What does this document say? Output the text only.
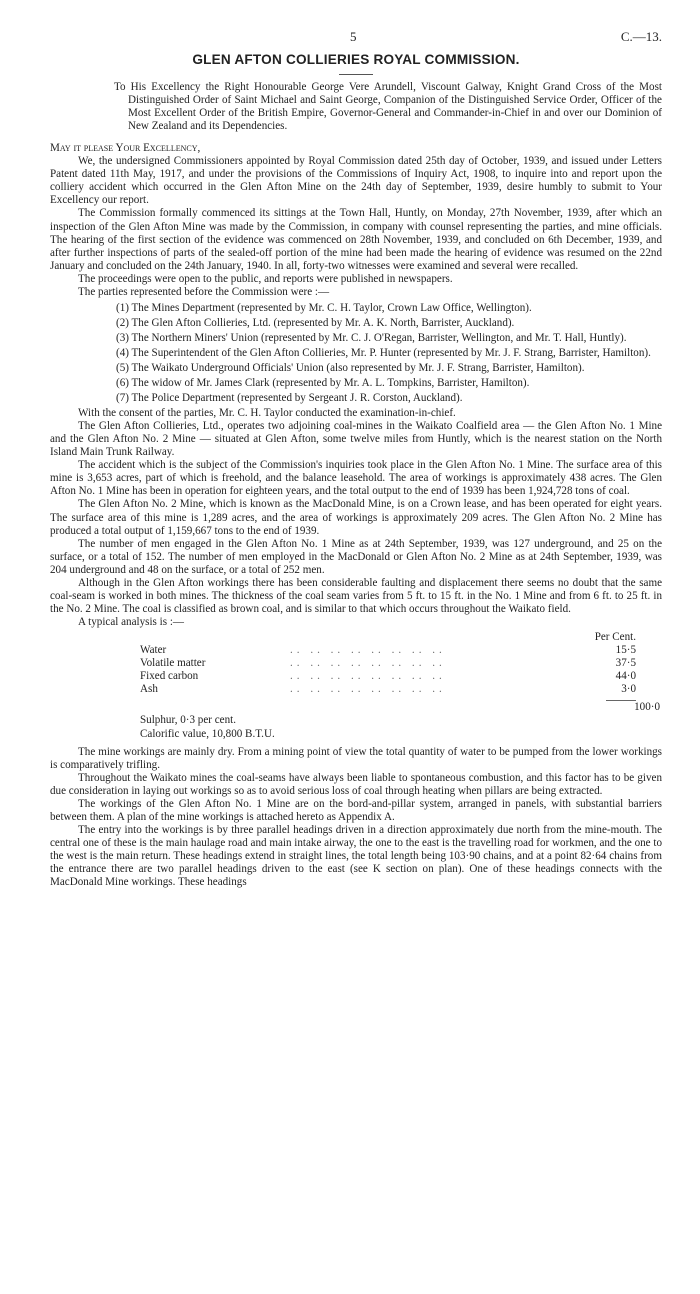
5	C.—13.
GLEN AFTON COLLIERIES ROYAL COMMISSION.

To His Excellency the Right Honourable George Vere Arundell, Viscount Galway, Knight Grand Cross of the Most Distinguished Order of Saint Michael and Saint George, Companion of the Distinguished Service Order, Officer of the Most Excellent Order of the British Empire, Governor-General and Commander-in-Chief in and over our Dominion of New Zealand and its Dependencies.

May it please Your Excellency,

We, the undersigned Commissioners appointed by Royal Commission dated 25th day of October, 1939, and issued under Letters Patent dated 11th May, 1917, and under the provisions of the Commissions of Inquiry Act, 1908, to inquire into and report upon the colliery accident which occurred in the Glen Afton Mine on the 24th day of September, 1939, desire humbly to submit to Your Excellency our report.

The Commission formally commenced its sittings at the Town Hall, Huntly, on Monday, 27th November, 1939, after which an inspection of the Glen Afton Mine was made by the Commission, in company with counsel representing the parties, and mine officials. The hearing of the first section of the evidence was commenced on 28th November, 1939, and concluded on 6th December, 1939, and after further inspections of parts of the sealed-off portion of the mine had been made the hearing of evidence was resumed on the 22nd January and concluded on the 24th January, 1940. In all, forty-two witnesses were examined and several were recalled.

The proceedings were open to the public, and reports were published in newspapers.

The parties represented before the Commission were :—

(1) The Mines Department (represented by Mr. C. H. Taylor, Crown Law Office, Wellington).
(2) The Glen Afton Collieries, Ltd. (represented by Mr. A. K. North, Barrister, Auckland).
(3) The Northern Miners' Union (represented by Mr. C. J. O'Regan, Barrister, Wellington, and Mr. T. Hall, Huntly).
(4) The Superintendent of the Glen Afton Collieries, Mr. P. Hunter (represented by Mr. J. F. Strang, Barrister, Hamilton).
(5) The Waikato Underground Officials' Union (also represented by Mr. J. F. Strang, Barrister, Hamilton).
(6) The widow of Mr. James Clark (represented by Mr. A. L. Tompkins, Barrister, Hamilton).
(7) The Police Department (represented by Sergeant J. R. Corston, Auckland).

With the consent of the parties, Mr. C. H. Taylor conducted the examination-in-chief.

The Glen Afton Collieries, Ltd., operates two adjoining coal-mines in the Waikato Coalfield area — the Glen Afton No. 1 Mine and the Glen Afton No. 2 Mine — situated at Glen Afton, some twelve miles from Huntly, which is the nearest station on the North Island Main Trunk Railway.

The accident which is the subject of the Commission's inquiries took place in the Glen Afton No. 1 Mine. The surface area of this mine is 3,653 acres, part of which is freehold, and the balance leasehold. The area of workings is approximately 438 acres. The Glen Afton No. 1 Mine has been in operation for eighteen years, and the total output to the end of 1939 has been 1,924,728 tons of coal.

The Glen Afton No. 2 Mine, which is known as the MacDonald Mine, is on a Crown lease, and has been operated for eight years. The surface area of this mine is 1,289 acres, and the area of workings is approximately 209 acres. The Glen Afton No. 2 Mine has produced a total output of 1,159,667 tons to the end of 1939.

The number of men engaged in the Glen Afton No. 1 Mine as at 24th September, 1939, was 127 underground, and 25 on the surface, or a total of 152. The number of men employed in the MacDonald or Glen Afton No. 2 Mine as at 24th September, 1939, was 204 underground and 48 on the surface, or a total of 252 men.

Although in the Glen Afton workings there has been considerable faulting and displacement there seems no doubt that the same coal-seam is worked in both mines. The thickness of the coal seam varies from 5 ft. to 15 ft. in the No. 1 Mine and from 6 ft. to 25 ft. in the No. 2 Mine. The coal is classified as brown coal, and is similar to that which occurs throughout the Waikato field.

A typical analysis is :—

		Per Cent.
Water	.. .. .. .. .. .. .. ..	15·5
Volatile matter	.. .. .. .. .. .. .. ..	37·5
Fixed carbon	.. .. .. .. .. .. .. ..	44·0
Ash	.. .. .. .. .. .. .. ..	3·0

		100·0

Sulphur, 0·3 per cent.

Calorific value, 10,800 B.T.U.

The mine workings are mainly dry. From a mining point of view the total quantity of water to be pumped from the lower workings is comparatively trifling.

Throughout the Waikato mines the coal-seams have always been liable to spontaneous combustion, and this factor has to be given due consideration in laying out workings so as to avoid serious loss of coal through heating when pillars are being extracted.

The workings of the Glen Afton No. 1 Mine are on the bord-and-pillar system, arranged in panels, with substantial barriers between them. A plan of the mine workings is attached hereto as Appendix A.

The entry into the workings is by three parallel headings driven in a direction approximately due north from the mine-mouth. The central one of these is the main haulage road and main intake airway, the one to the east is the travelling road for workmen, and the one to the west is the main return. These headings extend in straight lines, the total length being 103·90 chains, and at a point 82·64 chains from the entrance there are two parallel headings driven to the east (see K section on plan). One of these headings connects with the MacDonald Mine workings. These headings
